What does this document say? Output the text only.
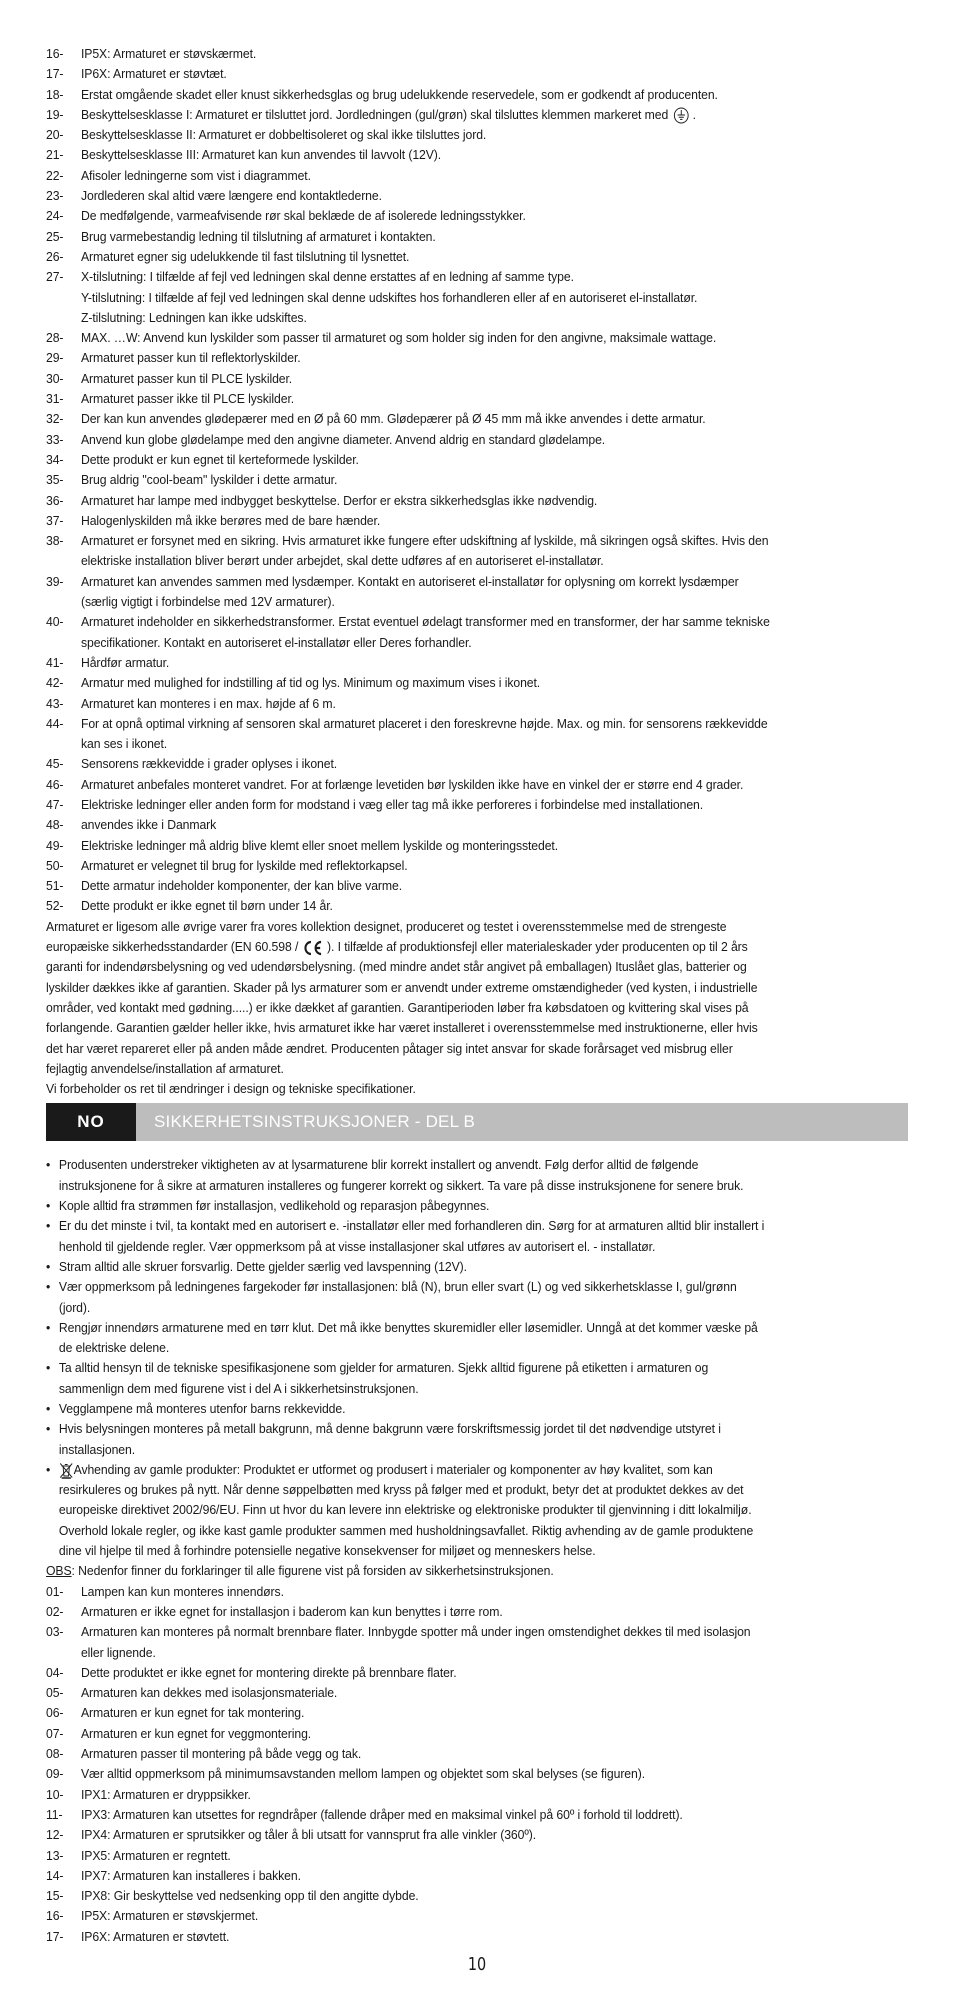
16-	IP5X: Armaturet er støvskærmet.
17-	IP6X: Armaturet er støvtæt.
18-	Erstat omgående skadet eller knust sikkerhedsglas og brug udelukkende reservedele, som er godkendt af producenten.
19-	Beskyttelsesklasse I: Armaturet er tilsluttet jord. Jordledningen (gul/grøn) skal tilsluttes klemmen markeret med .
20-	Beskyttelsesklasse II: Armaturet er dobbeltisoleret og skal ikke tilsluttes jord.
21-	Beskyttelsesklasse III: Armaturet kan kun anvendes til lavvolt (12V).
22-	Afisoler ledningerne som vist i diagrammet.
23-	Jordlederen skal altid være længere end kontaktlederne.
24-	De medfølgende, varmeafvisende rør skal beklæde de af isolerede ledningsstykker.
25-	Brug varmebestandig ledning til tilslutning af armaturet i kontakten.
26-	Armaturet egner sig udelukkende til fast tilslutning til lysnettet.
27-	X-tilslutning: I tilfælde af fejl ved ledningen skal denne erstattes af en ledning af samme type.
Y-tilslutning: I tilfælde af fejl ved ledningen skal denne udskiftes hos forhandleren eller af en autoriseret el-installatør.
Z-tilslutning: Ledningen kan ikke udskiftes.
28-	MAX. …W: Anvend kun lyskilder som passer til armaturet og som holder sig inden for den angivne, maksimale wattage.
29-	Armaturet passer kun til reflektorlyskilder.
30-	Armaturet passer kun til PLCE lyskilder.
31-	Armaturet passer ikke til PLCE lyskilder.
32-	Der kan kun anvendes glødepærer med en Ø på 60 mm. Glødepærer på Ø 45 mm må ikke anvendes i dette armatur.
33-	Anvend kun globe glødelampe med den angivne diameter. Anvend aldrig en standard glødelampe.
34-	Dette produkt er kun egnet til kerteformede lyskilder.
35-	Brug aldrig "cool-beam" lyskilder i dette armatur.
36-	Armaturet har lampe med indbygget beskyttelse. Derfor er ekstra sikkerhedsglas ikke nødvendig.
37-	Halogenlyskilden må ikke berøres med de bare hænder.
38-	Armaturet er forsynet med en sikring. Hvis armaturet ikke fungere efter udskiftning af lyskilde, må sikringen også skiftes. Hvis den
elektriske installation bliver berørt under arbejdet, skal dette udføres af en autoriseret el-installatør.
39-	Armaturet kan anvendes sammen med lysdæmper. Kontakt en autoriseret el-installatør for oplysning om korrekt lysdæmper
(særlig vigtigt i forbindelse med 12V armaturer).
40-	Armaturet indeholder en sikkerhedstransformer. Erstat eventuel ødelagt transformer med en transformer, der har samme tekniske
specifikationer. Kontakt en autoriseret el-installatør eller Deres forhandler.
41-	Hårdfør armatur.
42-	Armatur med mulighed for indstilling af tid og lys. Minimum og maximum vises i ikonet.
43-	Armaturet kan monteres i en max. højde af 6 m.
44-	For at opnå optimal virkning af sensoren skal armaturet placeret i den foreskrevne højde. Max. og min. for sensorens rækkevidde
kan ses i ikonet.
45-	Sensorens rækkevidde i grader oplyses i ikonet.
46-	Armaturet anbefales monteret vandret. For at forlænge levetiden bør lyskilden ikke have en vinkel der er større end 4 grader.
47-	Elektriske ledninger eller anden form for modstand i væg eller tag må ikke perforeres i forbindelse med installationen.
48-	anvendes ikke i Danmark
49-	Elektriske ledninger må aldrig blive klemt eller snoet mellem lyskilde og monteringsstedet.
50-	Armaturet er velegnet til brug for lyskilde med reflektorkapsel.
51-	Dette armatur indeholder komponenter, der kan blive varme.
52-	Dette produkt er ikke egnet til børn under 14 år.
Armaturet er ligesom alle øvrige varer fra vores kollektion designet, produceret og testet i overensstemmelse med de strengeste
europæiske sikkerhedsstandarder (EN 60.598 / ). I tilfælde af produktionsfejl eller materialeskader yder producenten op til 2 års
garanti for indendørsbelysning og ved udendørsbelysning. (med mindre andet står angivet på emballagen) Ituslået glas, batterier og
lyskilder dækkes ikke af garantien. Skader på lys armaturer som er anvendt under extreme omstændigheder (ved kysten, i industrielle
områder, ved kontakt med gødning.....) er ikke dækket af garantien. Garantiperioden løber fra købsdatoen og kvittering skal vises på
forlangende. Garantien gælder heller ikke, hvis armaturet ikke har været installeret i overensstemmelse med instruktionerne, eller hvis
det har været repareret eller på anden måde ændret. Producenten påtager sig intet ansvar for skade forårsaget ved misbrug eller
fejlagtig anvendelse/installation af armaturet.
Vi forbeholder os ret til ændringer i design og tekniske specifikationer.
NO	SIKKERHETSINSTRUKSJONER - DEL B
• Produsenten understreker viktigheten av at lysarmaturene blir korrekt installert og anvendt. Følg derfor alltid de følgende
instruksjonene for å sikre at armaturen installeres og fungerer korrekt og sikkert. Ta vare på disse instruksjonene for senere bruk.
• Kople alltid fra strømmen før installasjon, vedlikehold og reparasjon påbegynnes.
• Er du det minste i tvil, ta kontakt med en autorisert e. -installatør eller med forhandleren din. Sørg for at armaturen alltid blir installert i
henhold til gjeldende regler. Vær oppmerksom på at visse installasjoner skal utføres av autorisert el. - installatør.
• Stram alltid alle skruer forsvarlig. Dette gjelder særlig ved lavspenning (12V).
• Vær oppmerksom på ledningenes fargekoder før installasjonen: blå (N), brun eller svart (L) og ved sikkerhetsklasse I, gul/grønn
(jord).
• Rengjør innendørs armaturene med en tørr klut. Det må ikke benyttes skuremidler eller løsemidler. Unngå at det kommer væske på
de elektriske delene.
• Ta alltid hensyn til de tekniske spesifikasjonene som gjelder for armaturen. Sjekk alltid figurene på etiketten i armaturen og
sammenlign dem med figurene vist i del A i sikkerhetsinstruksjonen.
• Vegglampene må monteres utenfor barns rekkevidde.
• Hvis belysningen monteres på metall bakgrunn, må denne bakgrunn være forskriftsmessig jordet til det nødvendige utstyret i
installasjonen.
•	Avhending av gamle produkter: Produktet er utformet og produsert i materialer og komponenter av høy kvalitet, som kan
resirkuleres og brukes på nytt. Når denne søppelbøtten med kryss på følger med et produkt, betyr det at produktet dekkes av det
europeiske direktivet 2002/96/EU. Finn ut hvor du kan levere inn elektriske og elektroniske produkter til gjenvinning i ditt lokalmiljø.
Overhold lokale regler, og ikke kast gamle produkter sammen med husholdningsavfallet. Riktig avhending av de gamle produktene
dine vil hjelpe til med å forhindre potensielle negative konsekvenser for miljøet og menneskers helse.
OBS: Nedenfor finner du forklaringer til alle figurene vist på forsiden av sikkerhetsinstruksjonen.
01-	Lampen kan kun monteres innendørs.
02-	Armaturen er ikke egnet for installasjon i baderom kan kun benyttes i tørre rom.
03-	Armaturen kan monteres på normalt brennbare flater. Innbygde spotter må under ingen omstendighet dekkes til med isolasjon
eller lignende.
04-	Dette produktet er ikke egnet for montering direkte på brennbare flater.
05-	Armaturen kan dekkes med isolasjonsmateriale.
06-	Armaturen er kun egnet for tak montering.
07-	Armaturen er kun egnet for veggmontering.
08-	Armaturen passer til montering på både vegg og tak.
09-	Vær alltid oppmerksom på minimumsavstanden mellom lampen og objektet som skal belyses (se figuren).
10-	IPX1: Armaturen er dryppsikker.
11-	IPX3: Armaturen kan utsettes for regndråper (fallende dråper med en maksimal vinkel på 60º i forhold til loddrett).
12-	IPX4: Armaturen er sprutsikker og tåler å bli utsatt for vannsprut fra alle vinkler (360º).
13-	IPX5: Armaturen er regntett.
14-	IPX7: Armaturen kan installeres i bakken.
15-	IPX8: Gir beskyttelse ved nedsenking opp til den angitte dybde.
16-	IP5X: Armaturen er støvskjermet.
17-	IP6X: Armaturen er støvtett.
10
